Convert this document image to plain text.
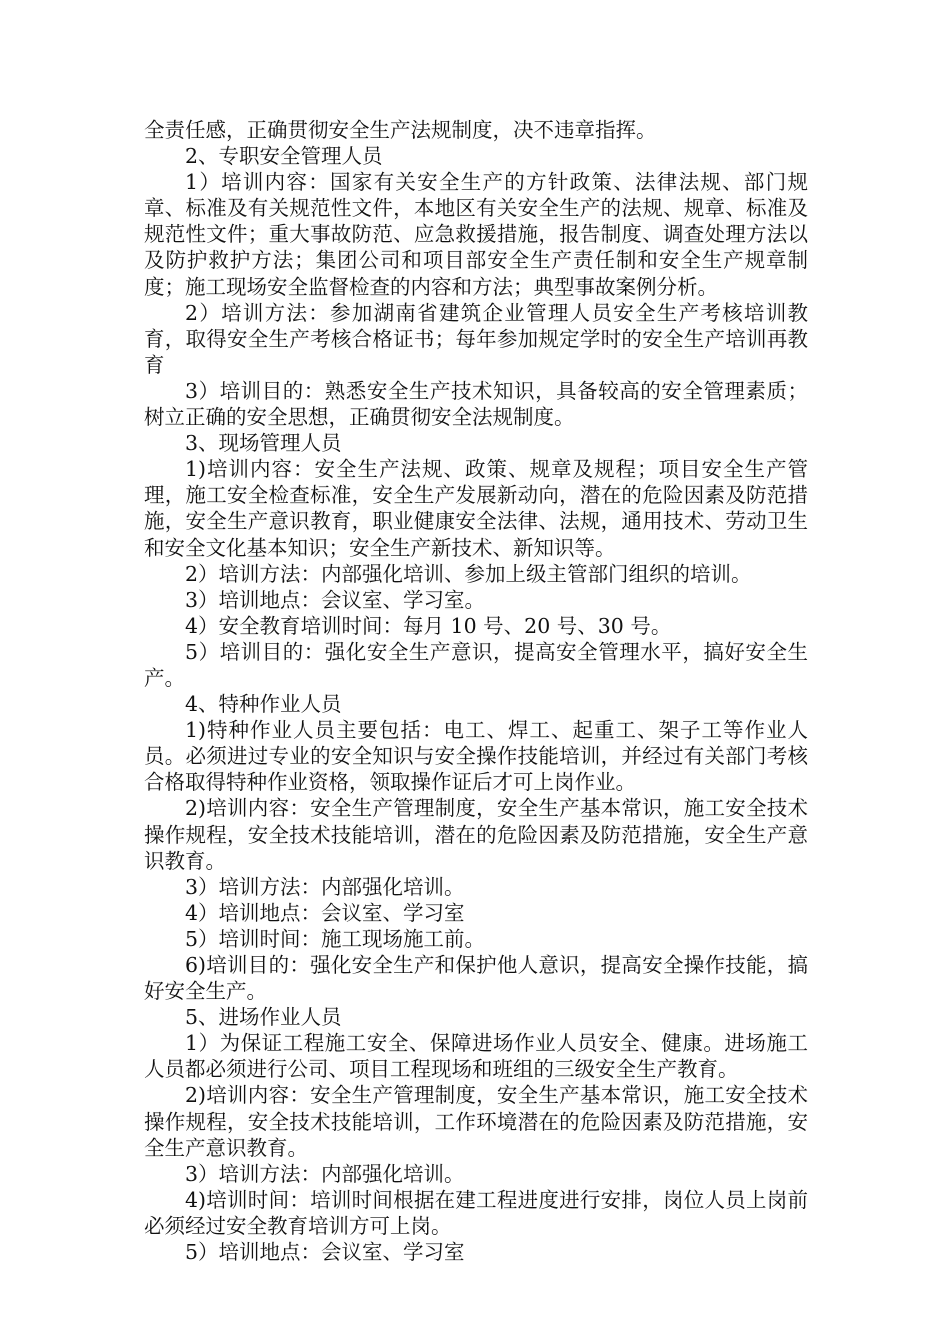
全责任感，正确贯彻安全生产法规制度，决不违章指挥。

2、专职安全管理人员

1）培训内容：国家有关安全生产的方针政策、法律法规、部门规章、标准及有关规范性文件，本地区有关安全生产的法规、规章、标准及规范性文件；重大事故防范、应急救援措施，报告制度、调查处理方法以及防护救护方法；集团公司和项目部安全生产责任制和安全生产规章制度；施工现场安全监督检查的内容和方法；典型事故案例分析。

2）培训方法：参加湖南省建筑企业管理人员安全生产考核培训教育，取得安全生产考核合格证书；每年参加规定学时的安全生产培训再教育

3）培训目的：熟悉安全生产技术知识，具备较高的安全管理素质；树立正确的安全思想，正确贯彻安全法规制度。

3、现场管理人员

1)培训内容：安全生产法规、政策、规章及规程；项目安全生产管理，施工安全检查标准，安全生产发展新动向，潜在的危险因素及防范措施，安全生产意识教育，职业健康安全法律、法规，通用技术、劳动卫生和安全文化基本知识；安全生产新技术、新知识等。

2）培训方法：内部强化培训、参加上级主管部门组织的培训。

3）培训地点：会议室、学习室。

4）安全教育培训时间：每月 10 号、20 号、30 号。

5）培训目的：强化安全生产意识，提高安全管理水平，搞好安全生产。

4、特种作业人员

1)特种作业人员主要包括：电工、焊工、起重工、架子工等作业人员。必须进过专业的安全知识与安全操作技能培训，并经过有关部门考核合格取得特种作业资格，领取操作证后才可上岗作业。

2)培训内容：安全生产管理制度，安全生产基本常识，施工安全技术操作规程，安全技术技能培训，潜在的危险因素及防范措施，安全生产意识教育。

3）培训方法：内部强化培训。

4）培训地点：会议室、学习室

5）培训时间：施工现场施工前。

6)培训目的：强化安全生产和保护他人意识，提高安全操作技能，搞好安全生产。

5、进场作业人员

1）为保证工程施工安全、保障进场作业人员安全、健康。进场施工人员都必须进行公司、项目工程现场和班组的三级安全生产教育。

2)培训内容：安全生产管理制度，安全生产基本常识，施工安全技术操作规程，安全技术技能培训，工作环境潜在的危险因素及防范措施，安全生产意识教育。

3）培训方法：内部强化培训。

4)培训时间：培训时间根据在建工程进度进行安排，岗位人员上岗前必须经过安全教育培训方可上岗。

5）培训地点：会议室、学习室
